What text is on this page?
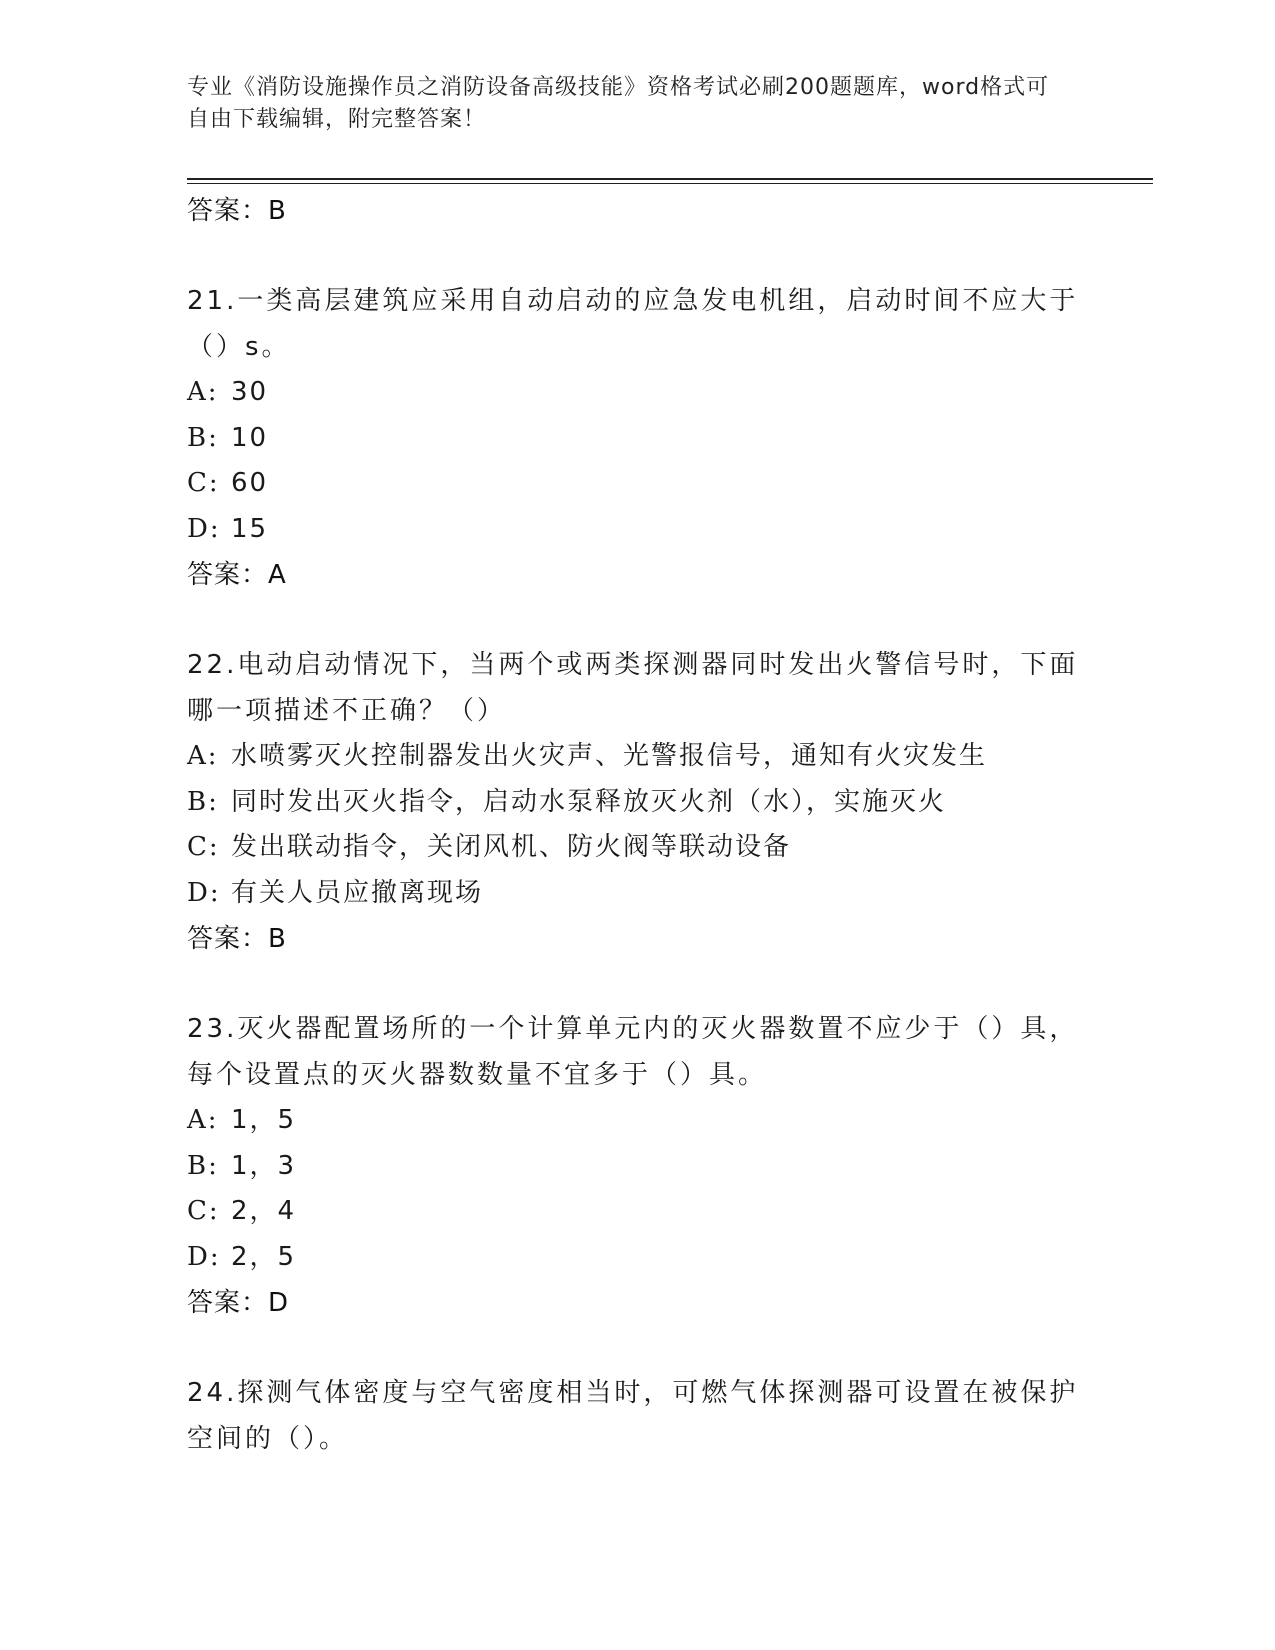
专业《消防设施操作员之消防设备高级技能》资格考试必刷200题题库，word格式可自由下载编辑，附完整答案！
答案：B
21.一类高层建筑应采用自动启动的应急发电机组，启动时间不应大于（）s。
A: 30
B: 10
C: 60
D: 15
答案：A
22.电动启动情况下，当两个或两类探测器同时发出火警信号时，下面哪一项描述不正确？（）
A: 水喷雾灭火控制器发出火灾声、光警报信号，通知有火灾发生
B: 同时发出灭火指令，启动水泵释放灭火剂（水），实施灭火
C: 发出联动指令，关闭风机、防火阀等联动设备
D: 有关人员应撤离现场
答案：B
23.灭火器配置场所的一个计算单元内的灭火器数置不应少于（）具，每个设置点的灭火器数数量不宜多于（）具。
A: 1，5
B: 1，3
C: 2，4
D: 2，5
答案：D
24.探测气体密度与空气密度相当时，可燃气体探测器可设置在被保护空间的（）。
